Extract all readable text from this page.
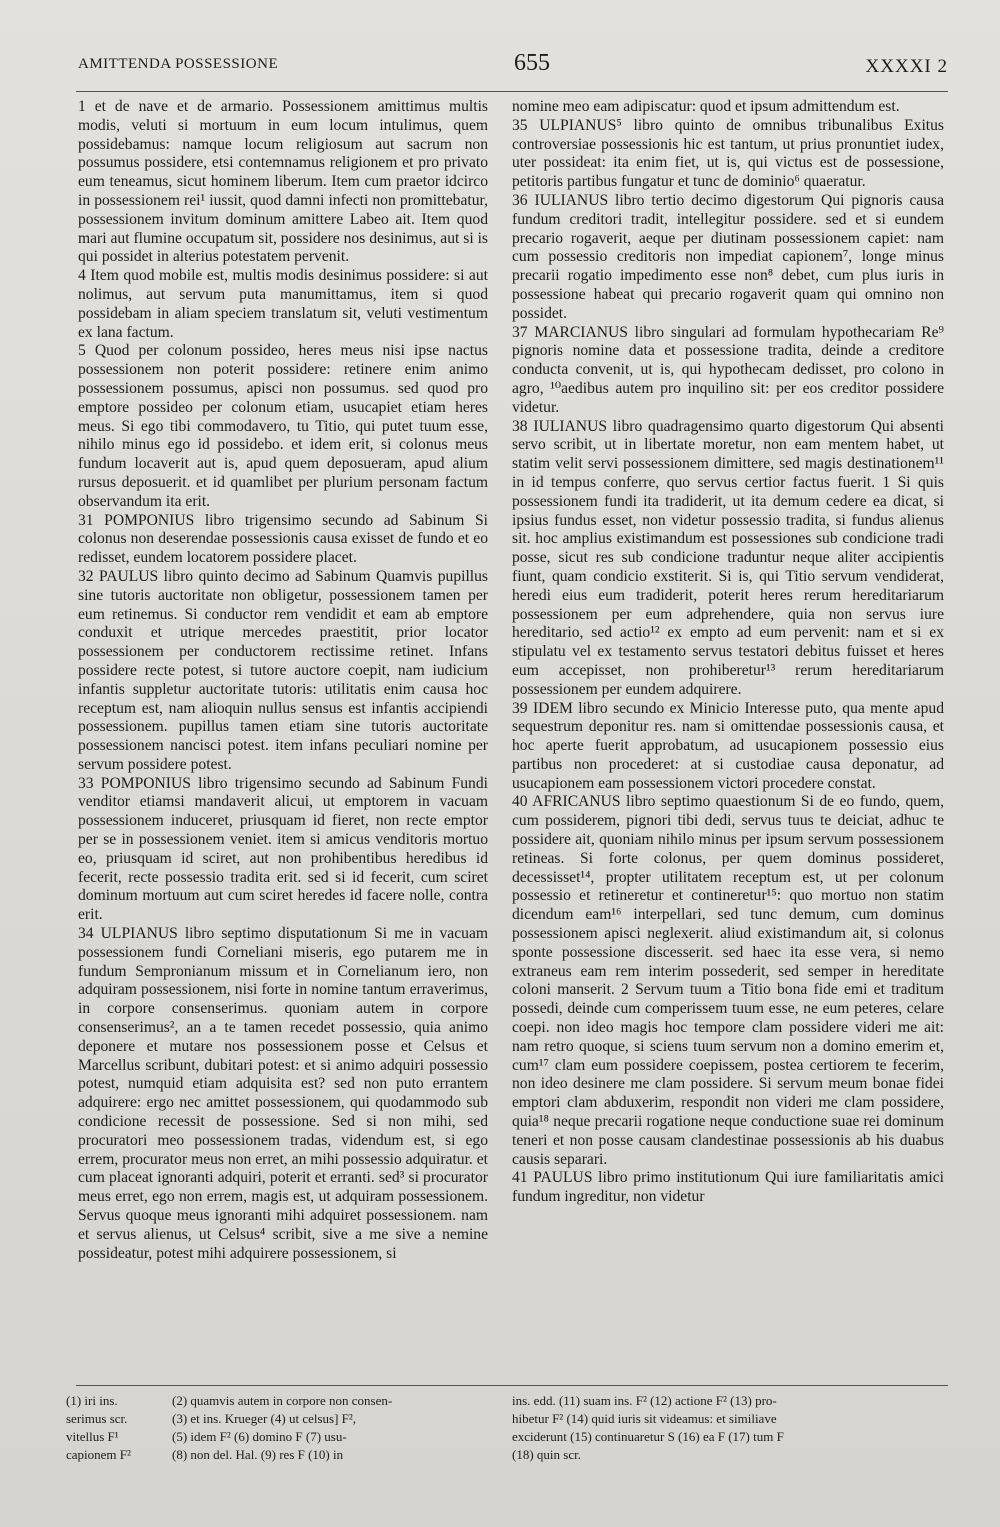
AMITTENDA POSSESSIONE	655	XXXXI 2

1 et de nave et de armario. Possessionem amittimus multis modis, veluti si mortuum in eum locum intulimus, quem possidebamus: namque locum religiosum aut sacrum non possumus possidere, etsi contemnamus religionem et pro privato eum teneamus, sicut hominem liberum. Item cum praetor idcirco in possessionem rei¹ iussit, quod damni infecti non promittebatur, possessionem invitum dominum amittere Labeo ait. Item quod mari aut flumine occupatum sit, possidere nos desinimus, aut si is qui possidet in alterius potestatem pervenit.

4 Item quod mobile est, multis modis desinimus possidere: si aut nolimus, aut servum puta manumittamus, item si quod possidebam in aliam speciem translatum sit, veluti vestimentum ex lana factum.

5 Quod per colonum possideo, heres meus nisi ipse nactus possessionem non poterit possidere: retinere enim animo possessionem possumus, apisci non possumus. sed quod pro emptore possideo per colonum etiam, usucapiet etiam heres meus. Si ego tibi commodavero, tu Titio, qui putet tuum esse, nihilo minus ego id possidebo. et idem erit, si colonus meus fundum locaverit aut is, apud quem deposueram, apud alium rursus deposuerit. et id quamlibet per plurium personam factum observandum ita erit.

31 POMPONIUS libro trigensimo secundo ad Sabinum Si colonus non deserendae possessionis causa exisset de fundo et eo redisset, eundem locatorem possidere placet.

32 PAULUS libro quinto decimo ad Sabinum Quamvis pupillus sine tutoris auctoritate non obligetur, possessionem tamen per eum retinemus. Si conductor rem vendidit et eam ab emptore conduxit et utrique mercedes praestitit, prior locator possessionem per conductorem rectissime retinet. Infans possidere recte potest, si tutore auctore coepit, nam iudicium infantis suppletur auctoritate tutoris: utilitatis enim causa hoc receptum est, nam alioquin nullus sensus est infantis accipiendi possessionem. pupillus tamen etiam sine tutoris auctoritate possessionem nancisci potest. item infans peculiari nomine per servum possidere potest.

33 POMPONIUS libro trigensimo secundo ad Sabinum Fundi venditor etiamsi mandaverit alicui, ut emptorem in vacuam possessionem induceret, priusquam id fieret, non recte emptor per se in possessionem veniet. item si amicus venditoris mortuo eo, priusquam id sciret, aut non prohibentibus heredibus id fecerit, recte possessio tradita erit. sed si id fecerit, cum sciret dominum mortuum aut cum sciret heredes id facere nolle, contra erit.

34 ULPIANUS libro septimo disputationum Si me in vacuam possessionem fundi Corneliani miseris, ego putarem me in fundum Sempronianum missum et in Cornelianum iero, non adquiram possessionem, nisi forte in nomine tantum erraverimus, in corpore consenserimus. quoniam autem in corpore consenserimus², an a te tamen recedet possessio, quia animo deponere et mutare nos possessionem posse et Celsus et Marcellus scribunt, dubitari potest: et si animo adquiri possessio potest, numquid etiam adquisita est? sed non puto errantem adquirere: ergo nec amittet possessionem, qui quodammodo sub condicione recessit de possessione. Sed si non mihi, sed procuratori meo possessionem tradas, videndum est, si ego errem, procurator meus non erret, an mihi possessio adquiratur. et cum placeat ignoranti adquiri, poterit et erranti. sed³ si procurator meus erret, ego non errem, magis est, ut adquiram possessionem. Servus quoque meus ignoranti mihi adquiret possessionem. nam et servus alienus, ut Celsus⁴ scribit, sive a me sive a nemine possideatur, potest mihi adquirere possessionem, si

nomine meo eam adipiscatur: quod et ipsum admittendum est.

35 ULPIANUS⁵ libro quinto de omnibus tribunalibus Exitus controversiae possessionis hic est tantum, ut prius pronuntiet iudex, uter possideat: ita enim fiet, ut is, qui victus est de possessione, petitoris partibus fungatur et tunc de dominio⁶ quaeratur.

36 IULIANUS libro tertio decimo digestorum Qui pignoris causa fundum creditori tradit, intellegitur possidere. sed et si eundem precario rogaverit, aeque per diutinam possessionem capiet: nam cum possessio creditoris non impediat capionem⁷, longe minus precarii rogatio impedimento esse non⁸ debet, cum plus iuris in possessione habeat qui precario rogaverit quam qui omnino non possidet.

37 MARCIANUS libro singulari ad formulam hypothecariam Re⁹ pignoris nomine data et possessione tradita, deinde a creditore conducta convenit, ut is, qui hypothecam dedisset, pro colono in agro, ¹⁰aedibus autem pro inquilino sit: per eos creditor possidere videtur.

38 IULIANUS libro quadragensimo quarto digestorum Qui absenti servo scribit, ut in libertate moretur, non eam mentem habet, ut statim velit servi possessionem dimittere, sed magis destinationem¹¹ in id tempus conferre, quo servus certior factus fuerit. 1 Si quis possessionem fundi ita tradiderit, ut ita demum cedere ea dicat, si ipsius fundus esset, non videtur possessio tradita, si fundus alienus sit. hoc amplius existimandum est possessiones sub condicione tradi posse, sicut res sub condicione traduntur neque aliter accipientis fiunt, quam condicio exstiterit. Si is, qui Titio servum vendiderat, heredi eius eum tradiderit, poterit heres rerum hereditariarum possessionem per eum adprehendere, quia non servus iure hereditario, sed actio¹² ex empto ad eum pervenit: nam et si ex stipulatu vel ex testamento servus testatori debitus fuisset et heres eum accepisset, non prohiberetur¹³ rerum hereditariarum possessionem per eundem adquirere.

39 IDEM libro secundo ex Minicio Interesse puto, qua mente apud sequestrum deponitur res. nam si omittendae possessionis causa, et hoc aperte fuerit approbatum, ad usucapionem possessio eius partibus non procederet: at si custodiae causa deponatur, ad usucapionem eam possessionem victori procedere constat.

40 AFRICANUS libro septimo quaestionum Si de eo fundo, quem, cum possiderem, pignori tibi dedi, servus tuus te deiciat, adhuc te possidere ait, quoniam nihilo minus per ipsum servum possessionem retineas. Si forte colonus, per quem dominus possideret, decessisset¹⁴, propter utilitatem receptum est, ut per colonum possessio et retineretur et contineretur¹⁵: quo mortuo non statim dicendum eam¹⁶ interpellari, sed tunc demum, cum dominus possessionem apisci neglexerit. aliud existimandum ait, si colonus sponte possessione discesserit. sed haec ita esse vera, si nemo extraneus eam rem interim possederit, sed semper in hereditate coloni manserit. 2 Servum tuum a Titio bona fide emi et traditum possedi, deinde cum comperissem tuum esse, ne eum peteres, celare coepi. non ideo magis hoc tempore clam possidere videri me ait: nam retro quoque, si sciens tuum servum non a domino emerim et, cum¹⁷ clam eum possidere coepissem, postea certiorem te fecerim, non ideo desinere me clam possidere. Si servum meum bonae fidei emptori clam abduxerim, respondit non videri me clam possidere, quia¹⁸ neque precarii rogatione neque conductione suae rei dominum teneri et non posse causam clandestinae possessionis ab his duabus causis separari.

41 PAULUS libro primo institutionum Qui iure familiaritatis amici fundum ingreditur, non videtur

(1) iri ins.
serimus scr.
vitellus F¹
capionem F²
(2) quamvis autem in corpore non consen-
(3) et ins. Krueger (4) ut celsus] F²,
(5) idem F² (6) domino F (7) usu-
(8) non del. Hal. (9) res F (10) in
ins. edd. (11) suam ins. F² (12) actione F² (13) pro-
hibetur F² (14) quid iuris sit videamus: et similiave
exciderunt (15) continuaretur S (16) ea F (17) tum F
(18) quin scr.
